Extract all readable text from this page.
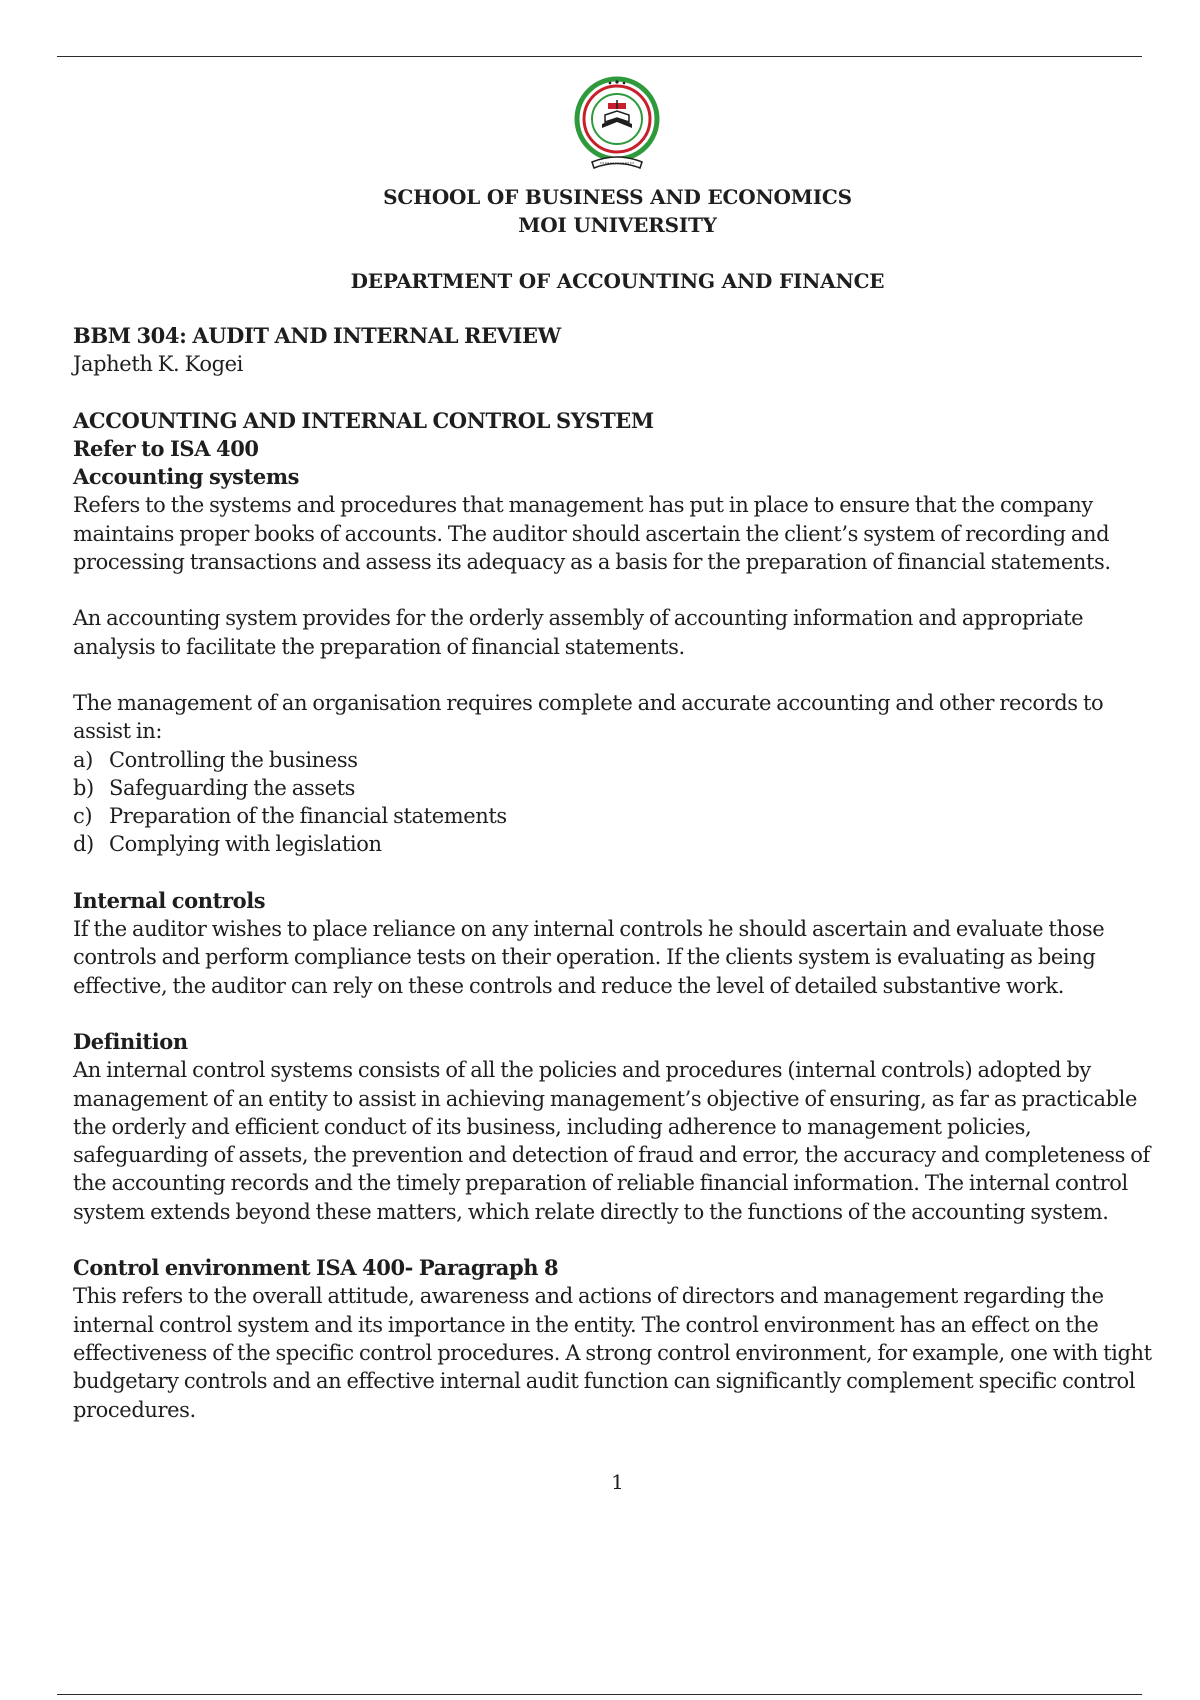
SCHOOL OF BUSINESS AND ECONOMICS
MOI UNIVERSITY
DEPARTMENT OF ACCOUNTING AND FINANCE

BBM 304: AUDIT AND INTERNAL REVIEW

Japheth K. Kogei

ACCOUNTING AND INTERNAL CONTROL SYSTEM

Refer to ISA 400

Accounting systems

Refers to the systems and procedures that management has put in place to ensure that the company maintains proper books of accounts. The auditor should ascertain the client’s system of recording and processing transactions and assess its adequacy as a basis for the preparation of financial statements.

An accounting system provides for the orderly assembly of accounting information and appropriate analysis to facilitate the preparation of financial statements.

The management of an organisation requires complete and accurate accounting and other records to assist in:

a) Controlling the business
b) Safeguarding the assets
c) Preparation of the financial statements
d) Complying with legislation

Internal controls

If the auditor wishes to place reliance on any internal controls he should ascertain and evaluate those controls and perform compliance tests on their operation. If the clients system is evaluating as being effective, the auditor can rely on these controls and reduce the level of detailed substantive work.

Definition

An internal control systems consists of all the policies and procedures (internal controls) adopted by management of an entity to assist in achieving management’s objective of ensuring, as far as practicable the orderly and efficient conduct of its business, including adherence to management policies, safeguarding of assets, the prevention and detection of fraud and error, the accuracy and completeness of the accounting records and the timely preparation of reliable financial information. The internal control system extends beyond these matters, which relate directly to the functions of the accounting system.

Control environment ISA 400- Paragraph 8

This refers to the overall attitude, awareness and actions of directors and management regarding the internal control system and its importance in the entity. The control environment has an effect on the effectiveness of the specific control procedures. A strong control environment, for example, one with tight budgetary controls and an effective internal audit function can significantly complement specific control procedures.

1
